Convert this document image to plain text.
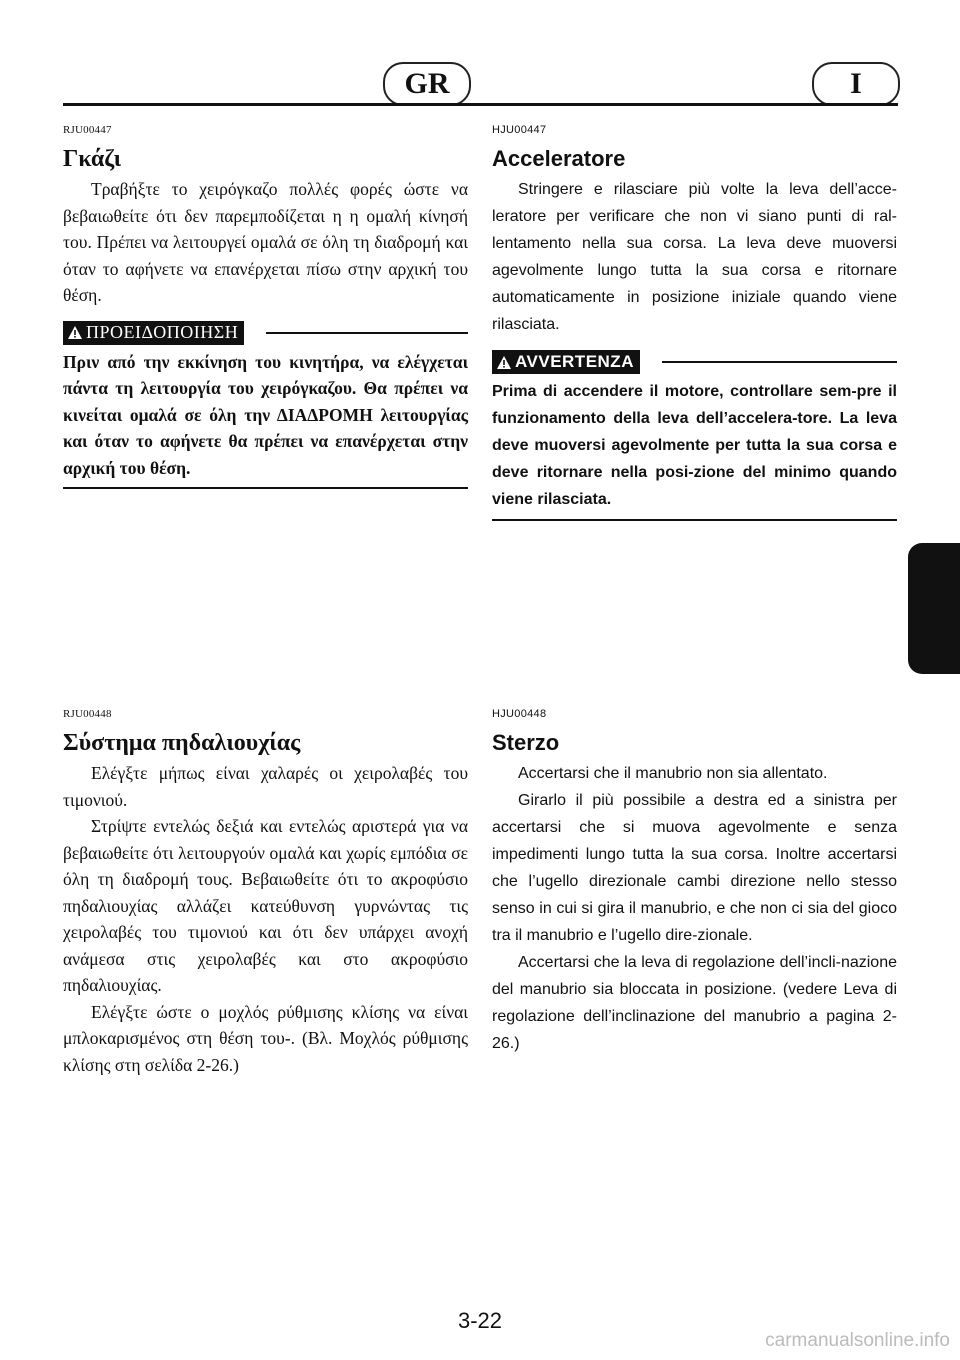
GR	I

RJU00447

Γκάζι

Τραβήξτε το χειρόγκαζο πολλές φορές ώστε να βεβαιωθείτε ότι δεν παρεμποδίζεται η η ομαλή κίνησή του. Πρέπει να λειτουργεί ομαλά σε όλη τη διαδρομή και όταν το αφήνετε να επανέρχεται πίσω στην αρχική του θέση.

ΠΡΟΕΙΔΟΠΟΙΗΣΗ

Πριν από την εκκίνηση του κινητήρα, να ελέγχεται πάντα τη λειτουργία του χειρόγκαζου. Θα πρέπει να κινείται ομαλά σε όλη την ΔΙΑΔΡΟΜΗ λειτουργίας και όταν το αφήνετε θα πρέπει να επανέρχεται στην αρχική του θέση.

HJU00447

Acceleratore

Stringere e rilasciare più volte la leva dell’acce-leratore per verificare che non vi siano punti di ral-lentamento nella sua corsa. La leva deve muoversi agevolmente lungo tutta la sua corsa e ritornare automaticamente in posizione iniziale quando viene rilasciata.

AVVERTENZA

Prima di accendere il motore, controllare sem-pre il funzionamento della leva dell’accelera-tore. La leva deve muoversi agevolmente per tutta la sua corsa e deve ritornare nella posi-zione del minimo quando viene rilasciata.

RJU00448

Σύστημα πηδαλιουχίας

Ελέγξτε μήπως είναι χαλαρές οι χειρολαβές του τιμονιού.

Στρίψτε εντελώς δεξιά και εντελώς αριστερά για να βεβαιωθείτε ότι λειτουργούν ομαλά και χωρίς εμπόδια σε όλη τη διαδρομή τους. Βεβαιωθείτε ότι το ακροφύσιο πηδαλιουχίας αλλάζει κατεύθυνση γυρνώντας τις χειρολαβές του τιμονιού και ότι δεν υπάρχει ανοχή ανάμεσα στις χειρολαβές και στο ακροφύσιο πηδαλιουχίας.

Ελέγξτε ώστε ο μοχλός ρύθμισης κλίσης να είναι μπλοκαρισμένος στη θέση του-. (Βλ. Μοχλός ρύθμισης κλίσης στη σελίδα 2-26.)

HJU00448

Sterzo

Accertarsi che il manubrio non sia allentato.

Girarlo il più possibile a destra ed a sinistra per accertarsi che si muova agevolmente e senza impedimenti lungo tutta la sua corsa. Inoltre accertarsi che l’ugello direzionale cambi direzione nello stesso senso in cui si gira il manubrio, e che non ci sia del gioco tra il manubrio e l’ugello dire-zionale.

Accertarsi che la leva di regolazione dell’incli-nazione del manubrio sia bloccata in posizione. (vedere Leva di regolazione dell’inclinazione del manubrio a pagina 2-26.)

3-22
carmanualsonline.info
